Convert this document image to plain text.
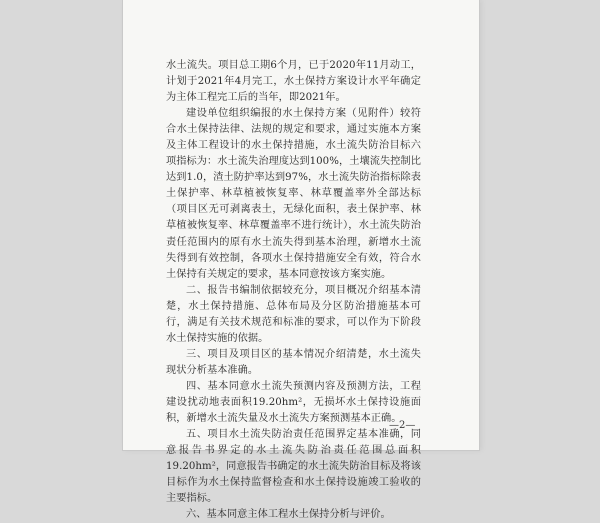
水土流失。项目总工期6个月，已于2020年11月动工，计划于2021年4月完工，水土保持方案设计水平年确定为主体工程完工后的当年，即2021年。

建设单位组织编报的水土保持方案（见附件）较符合水土保持法律、法规的规定和要求，通过实施本方案及主体工程设计的水土保持措施，水土流失防治目标六项指标为：水土流失治理度达到100%，土壤流失控制比达到1.0，渣土防护率达到97%，水土流失防治指标除表土保护率、林草植被恢复率、林草覆盖率外全部达标（项目区无可剥离表土，无绿化面积，表土保护率、林草植被恢复率、林草覆盖率不进行统计），水土流失防治责任范围内的原有水土流失得到基本治理，新增水土流失得到有效控制，各项水土保持措施安全有效，符合水土保持有关规定的要求，基本同意按该方案实施。

二、报告书编制依据较充分，项目概况介绍基本清楚，水土保持措施、总体布局及分区防治措施基本可行，满足有关技术规范和标准的要求，可以作为下阶段水土保持实施的依据。

三、项目及项目区的基本情况介绍清楚，水土流失现状分析基本准确。

四、基本同意水土流失预测内容及预测方法，工程建设扰动地表面积19.20hm²，无损坏水土保持设施面积，新增水土流失量及水土流失方案预测基本正确。

五、项目水土流失防治责任范围界定基本准确，同意报告书界定的水土流失防治责任范围总面积19.20hm²，同意报告书确定的水土流失防治目标及将该目标作为水土保持监督检查和水土保持设施竣工验收的主要指标。

六、基本同意主体工程水土保持分析与评价。

—2—
